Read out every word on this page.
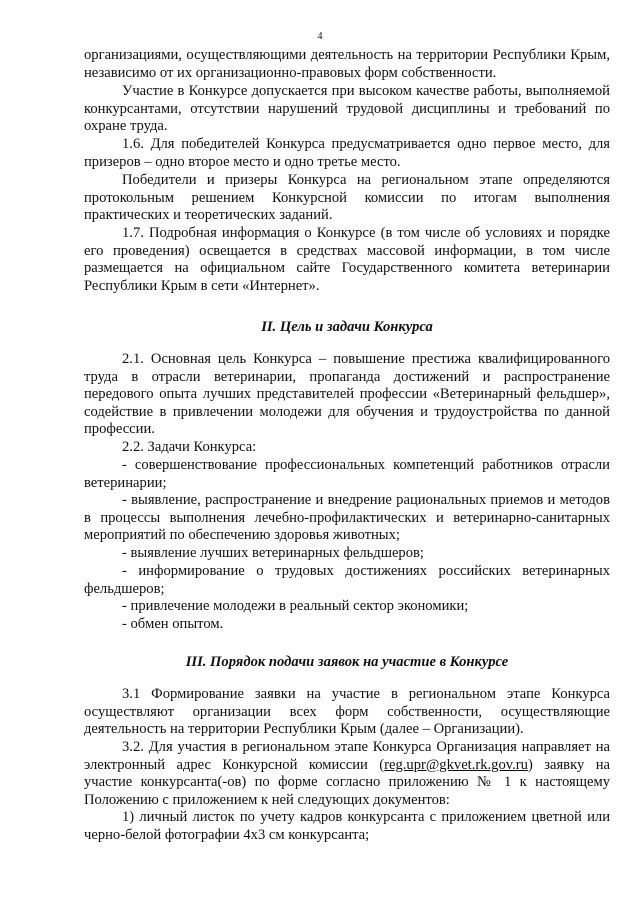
4

организациями, осуществляющими деятельность на территории Республики Крым, независимо от их организационно-правовых форм собственности.

Участие в Конкурсе допускается при высоком качестве работы, выполняемой конкурсантами, отсутствии нарушений трудовой дисциплины и требований по охране труда.

1.6. Для победителей Конкурса предусматривается одно первое место, для призеров – одно второе место и одно третье место.

Победители и призеры Конкурса на региональном этапе определяются протокольным решением Конкурсной комиссии по итогам выполнения практических и теоретических заданий.

1.7. Подробная информация о Конкурсе (в том числе об условиях и порядке его проведения) освещается в средствах массовой информации, в том числе размещается на официальном сайте Государственного комитета ветеринарии Республики Крым в сети «Интернет».

II. Цель и задачи Конкурса

2.1. Основная цель Конкурса – повышение престижа квалифицированного труда в отрасли ветеринарии, пропаганда достижений и распространение передового опыта лучших представителей профессии «Ветеринарный фельдшер», содействие в привлечении молодежи для обучения и трудоустройства по данной профессии.

2.2. Задачи Конкурса:

- совершенствование профессиональных компетенций работников отрасли ветеринарии;

- выявление, распространение и внедрение рациональных приемов и методов в процессы выполнения лечебно-профилактических и ветеринарно-санитарных мероприятий по обеспечению здоровья животных;

- выявление лучших ветеринарных фельдшеров;

- информирование о трудовых достижениях российских ветеринарных фельдшеров;

- привлечение молодежи в реальный сектор экономики;

- обмен опытом.

III. Порядок подачи заявок на участие в Конкурсе

3.1 Формирование заявки на участие в региональном этапе Конкурса осуществляют организации всех форм собственности, осуществляющие деятельность на территории Республики Крым (далее – Организации).

3.2. Для участия в региональном этапе Конкурса Организация направляет на электронный адрес Конкурсной комиссии (reg.upr@gkvet.rk.gov.ru) заявку на участие конкурсанта(-ов) по форме согласно приложению № 1 к настоящему Положению с приложением к ней следующих документов:

1) личный листок по учету кадров конкурсанта с приложением цветной или черно-белой фотографии 4х3 см конкурсанта;
